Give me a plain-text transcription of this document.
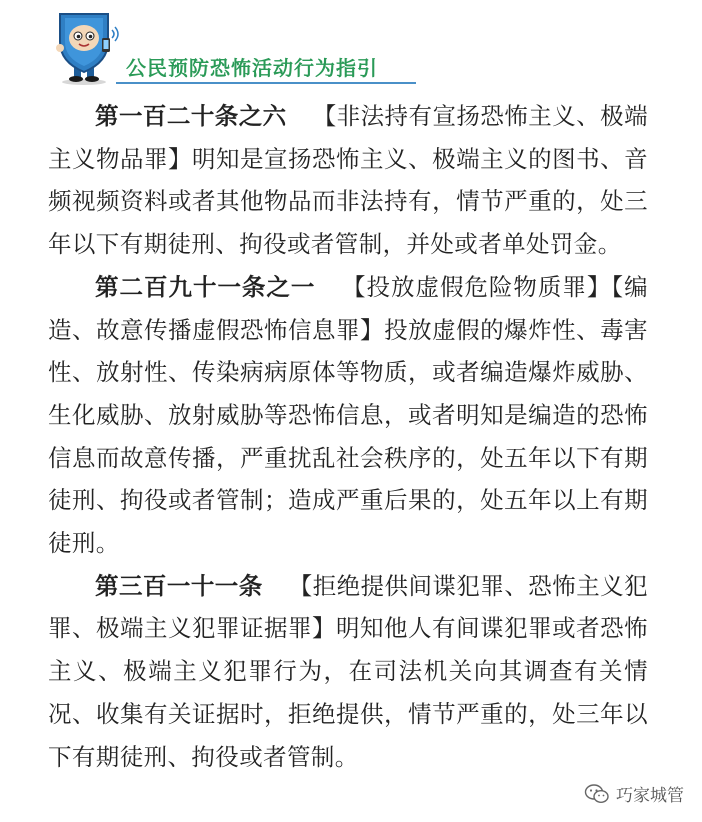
公民预防恐怖活动行为指引

第一百二十条之六 【非法持有宣扬恐怖主义、极端主义物品罪】明知是宣扬恐怖主义、极端主义的图书、音频视频资料或者其他物品而非法持有，情节严重的，处三年以下有期徒刑、拘役或者管制，并处或者单处罚金。

第二百九十一条之一 【投放虚假危险物质罪】【编造、故意传播虚假恐怖信息罪】投放虚假的爆炸性、毒害性、放射性、传染病病原体等物质，或者编造爆炸威胁、生化威胁、放射威胁等恐怖信息，或者明知是编造的恐怖信息而故意传播，严重扰乱社会秩序的，处五年以下有期徒刑、拘役或者管制；造成严重后果的，处五年以上有期徒刑。

第三百一十一条 【拒绝提供间谍犯罪、恐怖主义犯罪、极端主义犯罪证据罪】明知他人有间谍犯罪或者恐怖主义、极端主义犯罪行为，在司法机关向其调查有关情况、收集有关证据时，拒绝提供，情节严重的，处三年以下有期徒刑、拘役或者管制。

巧家城管
